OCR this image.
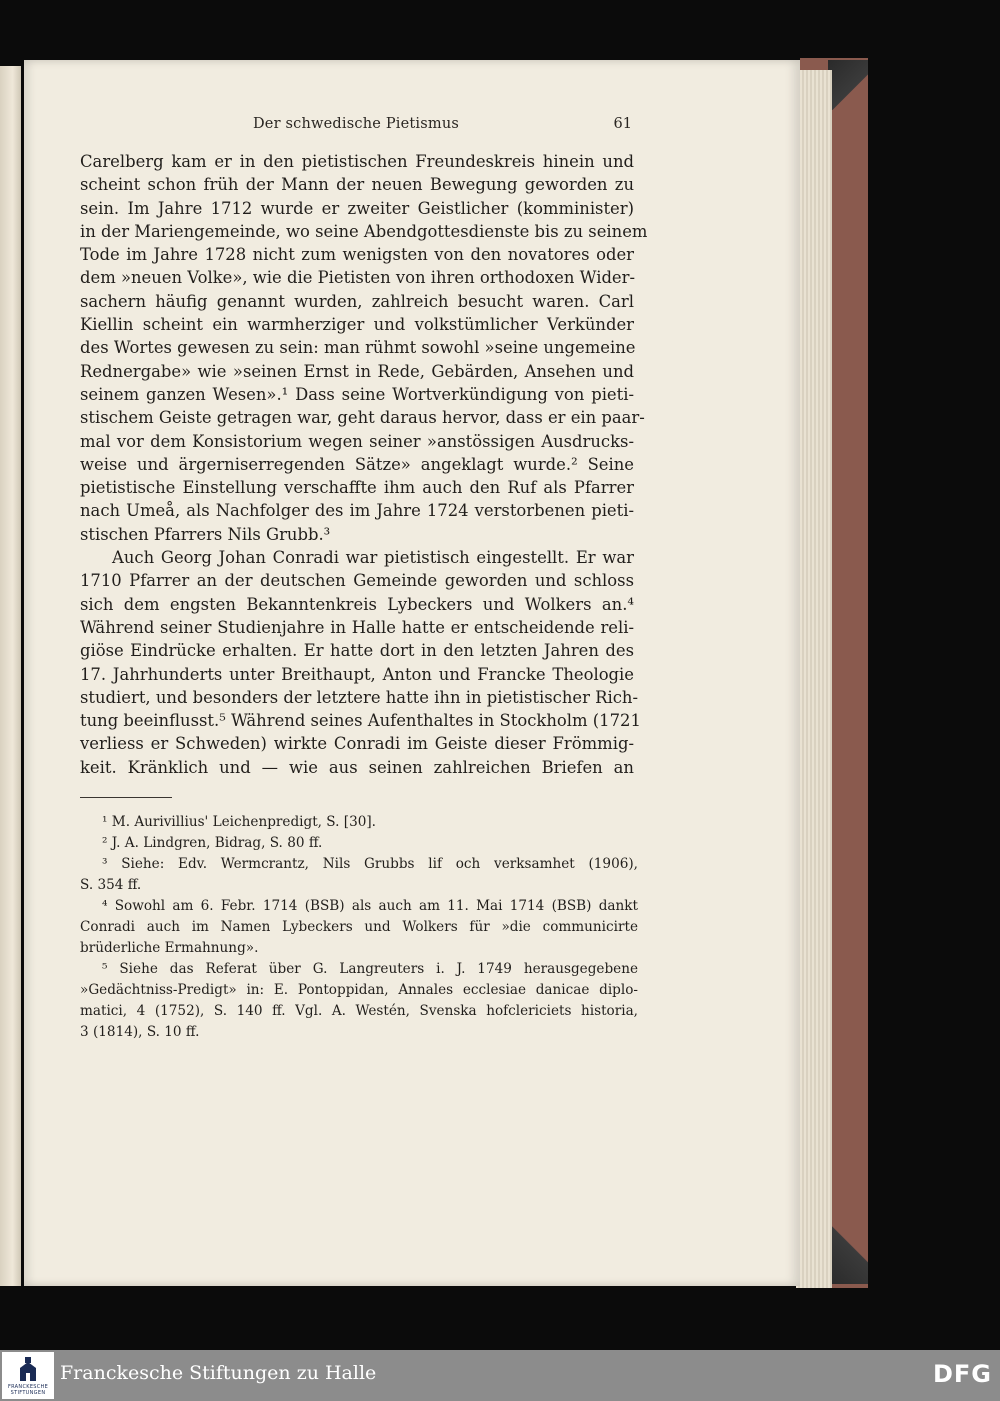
Der schwedische Pietismus	61
Carelberg kam er in den pietistischen Freundeskreis hinein und
scheint schon früh der Mann der neuen Bewegung geworden zu
sein. Im Jahre 1712 wurde er zweiter Geistlicher (komminister)
in der Mariengemeinde, wo seine Abendgottesdienste bis zu seinem
Tode im Jahre 1728 nicht zum wenigsten von den novatores oder
dem »neuen Volke», wie die Pietisten von ihren orthodoxen Wider-
sachern häufig genannt wurden, zahlreich besucht waren. Carl
Kiellin scheint ein warmherziger und volkstümlicher Verkünder
des Wortes gewesen zu sein: man rühmt sowohl »seine ungemeine
Rednergabe» wie »seinen Ernst in Rede, Gebärden, Ansehen und
seinem ganzen Wesen».¹ Dass seine Wortverkündigung von pieti-
stischem Geiste getragen war, geht daraus hervor, dass er ein paar-
mal vor dem Konsistorium wegen seiner »anstössigen Ausdrucks-
weise und ärgerniserregenden Sätze» angeklagt wurde.² Seine
pietistische Einstellung verschaffte ihm auch den Ruf als Pfarrer
nach Umeå, als Nachfolger des im Jahre 1724 verstorbenen pieti-
stischen Pfarrers Nils Grubb.³
Auch Georg Johan Conradi war pietistisch eingestellt. Er war
1710 Pfarrer an der deutschen Gemeinde geworden und schloss
sich dem engsten Bekanntenkreis Lybeckers und Wolkers an.⁴
Während seiner Studienjahre in Halle hatte er entscheidende reli-
giöse Eindrücke erhalten. Er hatte dort in den letzten Jahren des
17. Jahrhunderts unter Breithaupt, Anton und Francke Theologie
studiert, und besonders der letztere hatte ihn in pietistischer Rich-
tung beeinflusst.⁵ Während seines Aufenthaltes in Stockholm (1721
verliess er Schweden) wirkte Conradi im Geiste dieser Frömmig-
keit. Kränklich und — wie aus seinen zahlreichen Briefen an
¹ M. Aurivillius' Leichenpredigt, S. [30].
² J. A. Lindgren, Bidrag, S. 80 ff.
³ Siehe: Edv. Wermcrantz, Nils Grubbs lif och verksamhet (1906),
S. 354 ff.
⁴ Sowohl am 6. Febr. 1714 (BSB) als auch am 11. Mai 1714 (BSB) dankt
Conradi auch im Namen Lybeckers und Wolkers für »die communicirte
brüderliche Ermahnung».
⁵ Siehe das Referat über G. Langreuters i. J. 1749 herausgegebene
»Gedächtniss-Predigt» in: E. Pontoppidan, Annales ecclesiae danicae diplo-
matici, 4 (1752), S. 140 ff. Vgl. A. Westén, Svenska hofclericiets historia,
3 (1814), S. 10 ff.
FRANCKESCHE
STIFTUNGEN
Franckesche Stiftungen zu Halle	DFG
